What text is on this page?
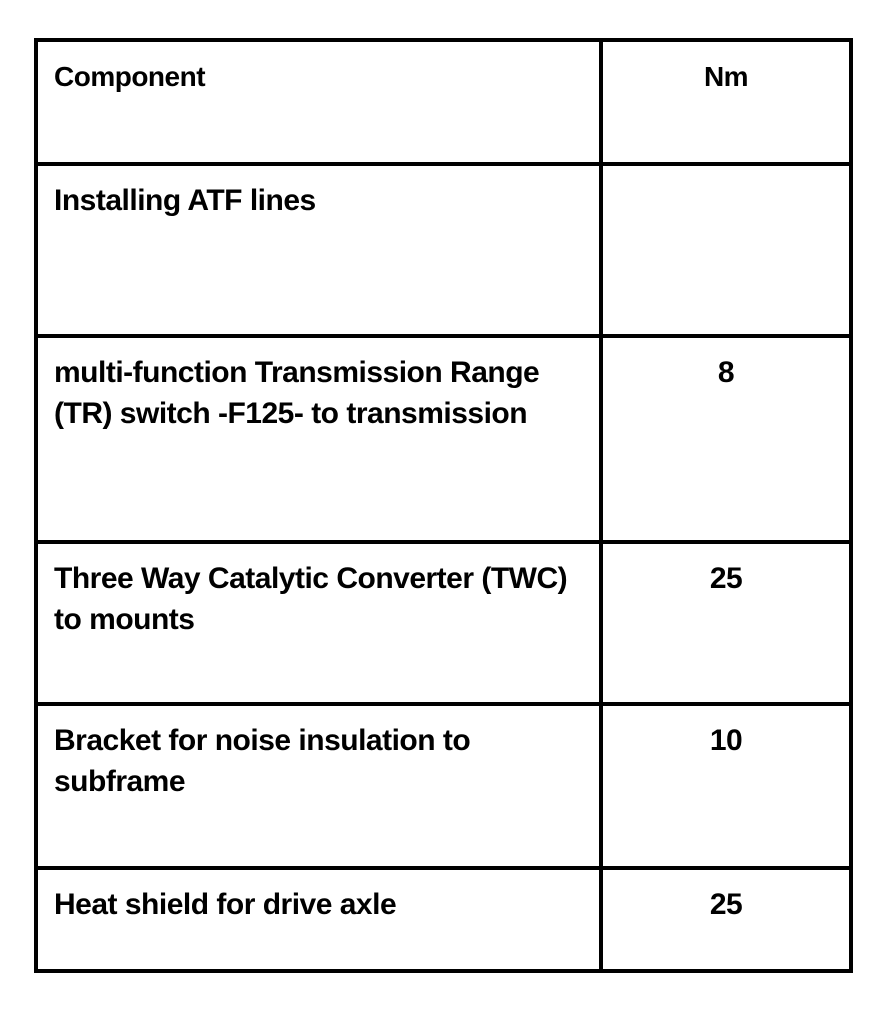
Component	Nm
Installing ATF lines	
multi-function Transmission Range (TR) switch -F125- to transmission	8
Three Way Catalytic Converter (TWC) to mounts	25
Bracket for noise insulation to subframe	10
Heat shield for drive axle	25
